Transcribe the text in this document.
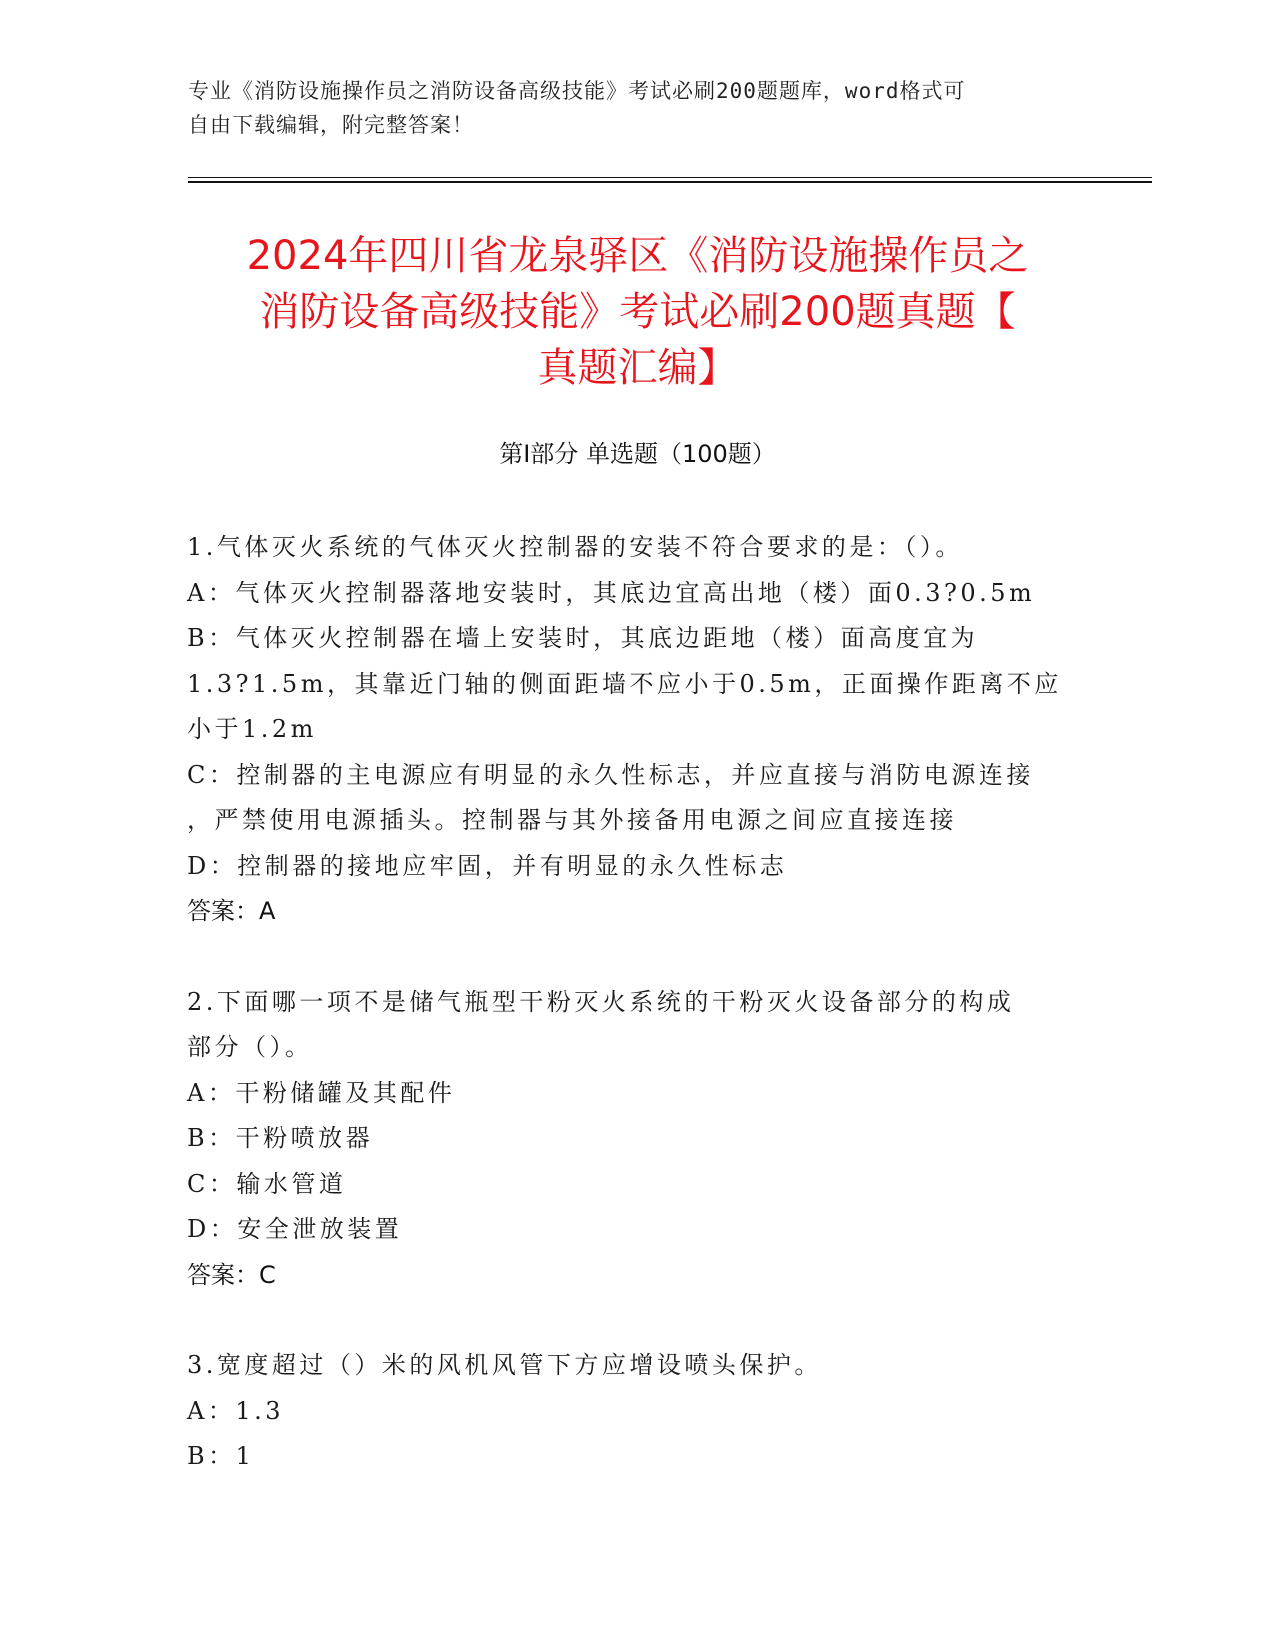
专业《消防设施操作员之消防设备高级技能》考试必刷200题题库，word格式可
自由下载编辑，附完整答案！
2024年四川省龙泉驿区《消防设施操作员之
消防设备高级技能》考试必刷200题真题【
真题汇编】
第Ⅰ部分 单选题（100题）
1.气体灭火系统的气体灭火控制器的安装不符合要求的是：（）。
A：气体灭火控制器落地安装时，其底边宜高出地（楼）面0.3?0.5m
B：气体灭火控制器在墙上安装时，其底边距地（楼）面高度宜为
1.3?1.5m，其靠近门轴的侧面距墙不应小于0.5m，正面操作距离不应
小于1.2m
C：控制器的主电源应有明显的永久性标志，并应直接与消防电源连接
，严禁使用电源插头。控制器与其外接备用电源之间应直接连接
D：控制器的接地应牢固，并有明显的永久性标志
答案：A
2.下面哪一项不是储气瓶型干粉灭火系统的干粉灭火设备部分的构成
部分（）。
A：干粉储罐及其配件
B：干粉喷放器
C：输水管道
D：安全泄放装置
答案：C
3.宽度超过（）米的风机风管下方应增设喷头保护。
A：1.3
B：1
